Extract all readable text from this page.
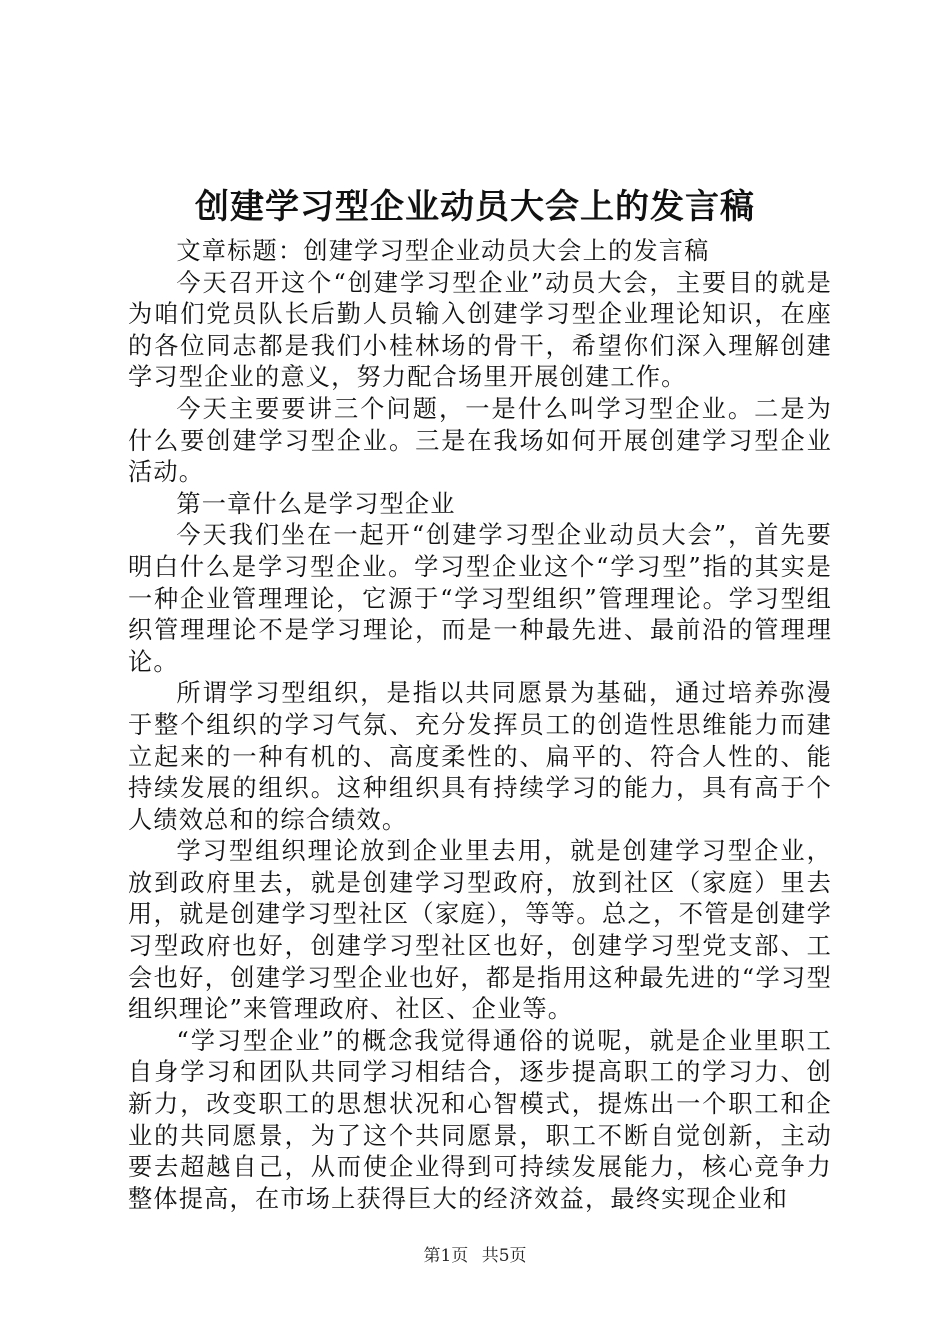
创建学习型企业动员大会上的发言稿

文章标题：创建学习型企业动员大会上的发言稿

今天召开这个“创建学习型企业”动员大会，主要目的就是为咱们党员队长后勤人员输入创建学习型企业理论知识，在座的各位同志都是我们小桂林场的骨干，希望你们深入理解创建学习型企业的意义，努力配合场里开展创建工作。

今天主要要讲三个问题，一是什么叫学习型企业。二是为什么要创建学习型企业。三是在我场如何开展创建学习型企业活动。

第一章什么是学习型企业

今天我们坐在一起开“创建学习型企业动员大会”，首先要明白什么是学习型企业。学习型企业这个“学习型”指的其实是一种企业管理理论，它源于“学习型组织”管理理论。学习型组织管理理论不是学习理论，而是一种最先进、最前沿的管理理论。

所谓学习型组织，是指以共同愿景为基础，通过培养弥漫于整个组织的学习气氛、充分发挥员工的创造性思维能力而建立起来的一种有机的、高度柔性的、扁平的、符合人性的、能持续发展的组织。这种组织具有持续学习的能力，具有高于个人绩效总和的综合绩效。

学习型组织理论放到企业里去用，就是创建学习型企业，放到政府里去，就是创建学习型政府，放到社区（家庭）里去用，就是创建学习型社区（家庭），等等。总之，不管是创建学习型政府也好，创建学习型社区也好，创建学习型党支部、工会也好，创建学习型企业也好，都是指用这种最先进的“学习型组织理论”来管理政府、社区、企业等。

“学习型企业”的概念我觉得通俗的说呢，就是企业里职工自身学习和团队共同学习相结合，逐步提高职工的学习力、创新力，改变职工的思想状况和心智模式，提炼出一个职工和企业的共同愿景，为了这个共同愿景，职工不断自觉创新，主动要去超越自己，从而使企业得到可持续发展能力，核心竞争力整体提高，在市场上获得巨大的经济效益，最终实现企业和

第1页 共5页
